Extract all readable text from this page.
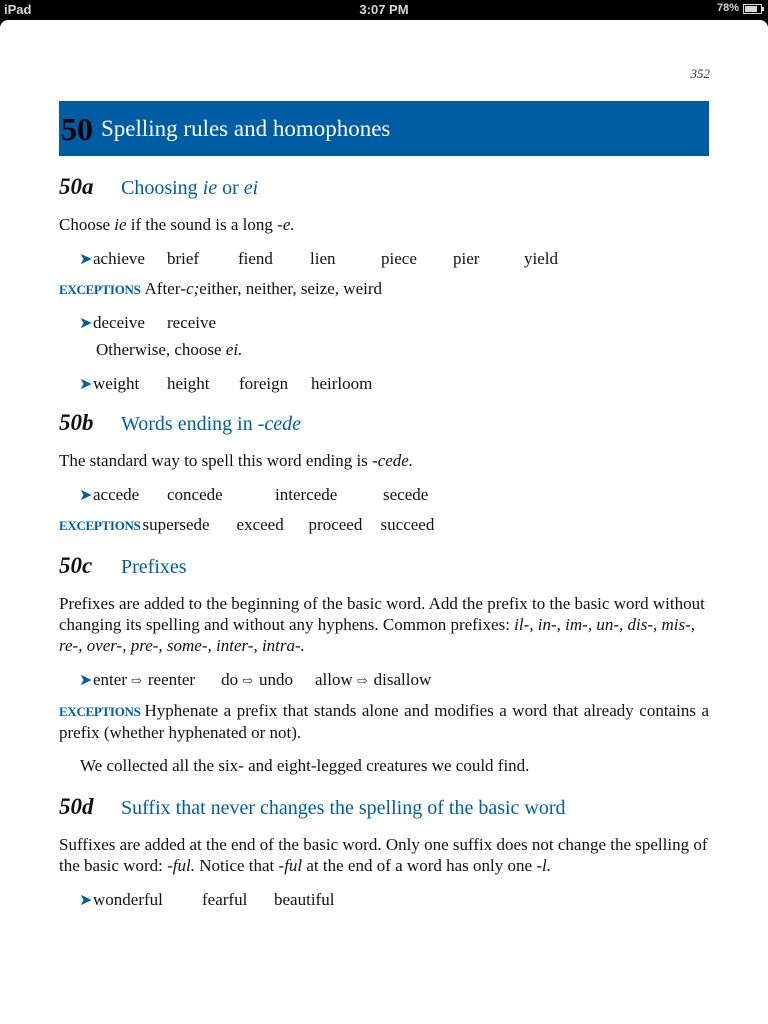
iPad	3:07 PM	78%
352
50 Spelling rules and homophones
50a	Choosing ie or ei

Choose ie if the sound is a long -e.

➤ achieve	brief	fiend	lien	piece	pier	yield
EXCEPTIONS After -c; either, neither, seize, weird
➤ deceive	receive

Otherwise, choose ei.

➤ weight	height	foreign	heirloom
50b	Words ending in -cede

The standard way to spell this word ending is -cede.

➤ accede	concede	intercede	secede
EXCEPTIONS supersede	exceed	proceed	succeed
50c	Prefixes

Prefixes are added to the beginning of the basic word. Add the prefix to the basic word without changing its spelling and without any hyphens. Common prefixes: il-, in-, im-, un-, dis-, mis-, re-, over-, pre-, some-, inter-, intra-.

➤ enter ⇨ reenter do ⇨ undo allow ⇨ disallow

EXCEPTIONS Hyphenate a prefix that stands alone and modifies a word that already contains a prefix (whether hyphenated or not).

We collected all the six- and eight-legged creatures we could find.

50d	Suffix that never changes the spelling of the basic word

Suffixes are added at the end of the basic word. Only one suffix does not change the spelling of the basic word: -ful. Notice that -ful at the end of a word has only one -l.

➤ wonderful	fearful	beautiful
